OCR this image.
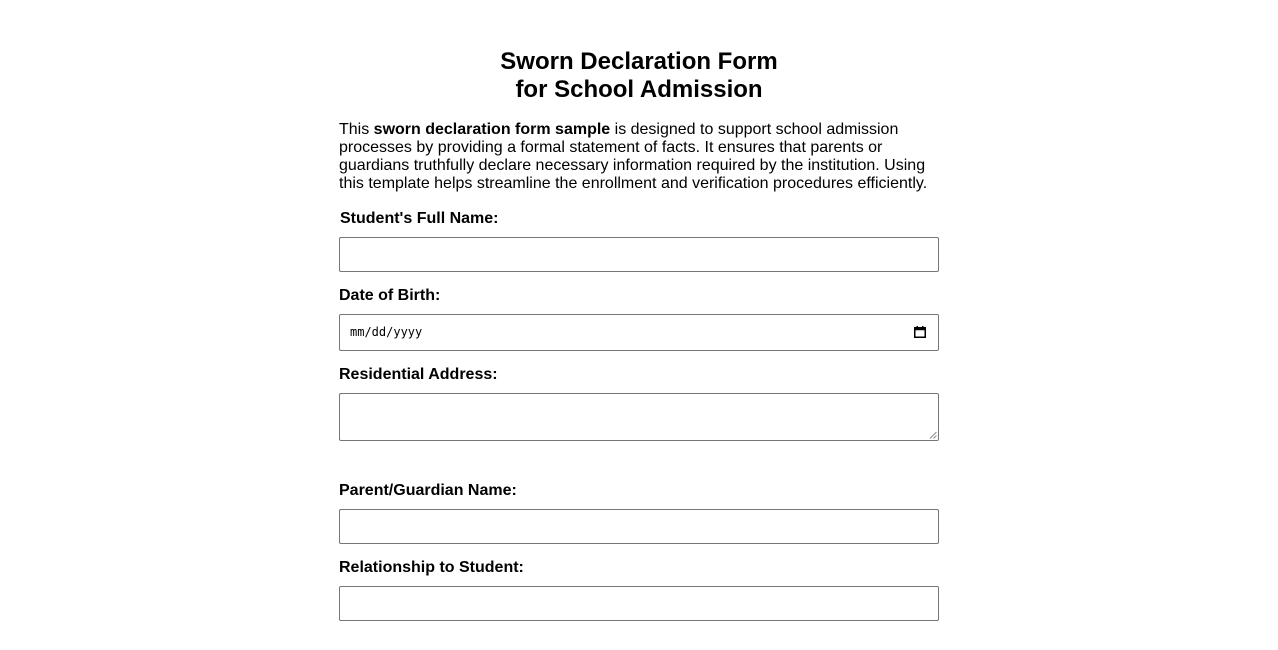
Sworn Declaration Form
for School Admission

This sworn declaration form sample is designed to support school admission processes by providing a formal statement of facts. It ensures that parents or guardians truthfully declare necessary information required by the institution. Using this template helps streamline the enrollment and verification procedures efficiently.

Student's Full Name:
Date of Birth:
mm/dd/yyyy
Residential Address:
Parent/Guardian Name:
Relationship to Student:
